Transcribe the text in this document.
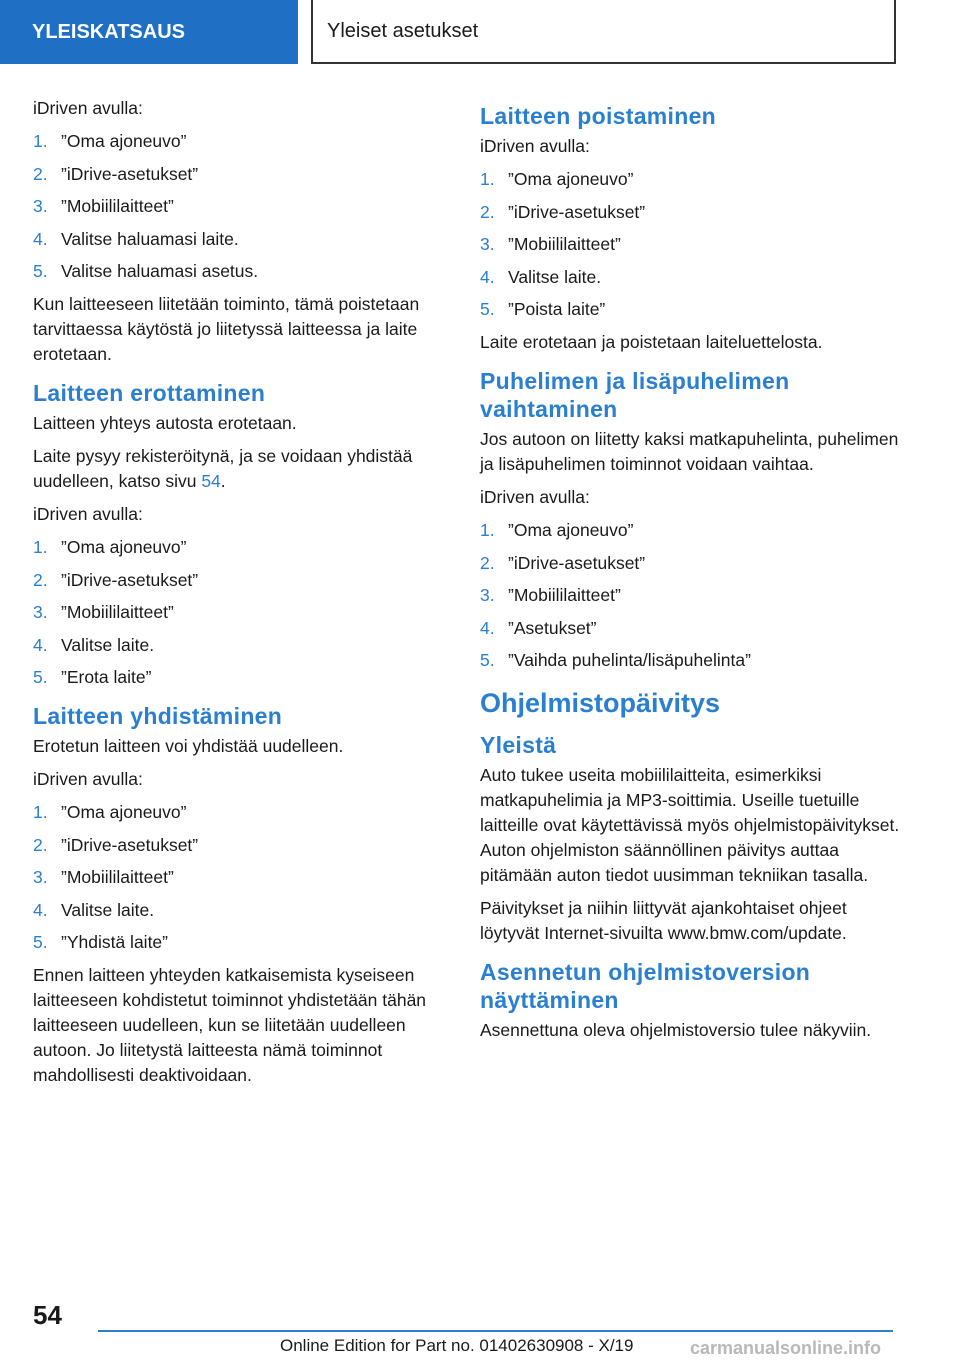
YLEISKATSAUS	Yleiset asetukset

iDriven avulla:

1. ”Oma ajoneuvo”
2. ”iDrive-asetukset”
3. ”Mobiililaitteet”
4. Valitse haluamasi laite.
5. Valitse haluamasi asetus.

Kun laitteeseen liitetään toiminto, tämä poistetaan tarvittaessa käytöstä jo liitetyssä laitteessa ja laite erotetaan.

Laitteen erottaminen

Laitteen yhteys autosta erotetaan.

Laite pysyy rekisteröitynä, ja se voidaan yhdistää uudelleen, katso sivu 54.

iDriven avulla:

1. ”Oma ajoneuvo”
2. ”iDrive-asetukset”
3. ”Mobiililaitteet”
4. Valitse laite.
5. ”Erota laite”
Laitteen yhdistäminen

Erotetun laitteen voi yhdistää uudelleen.

iDriven avulla:

1. ”Oma ajoneuvo”
2. ”iDrive-asetukset”
3. ”Mobiililaitteet”
4. Valitse laite.
5. ”Yhdistä laite”

Ennen laitteen yhteyden katkaisemista kyseiseen laitteeseen kohdistetut toiminnot yhdistetään tähän laitteeseen uudelleen, kun se liitetään uudelleen autoon. Jo liitetystä laitteesta nämä toiminnot mahdollisesti deaktivoidaan.

Laitteen poistaminen

iDriven avulla:

1. ”Oma ajoneuvo”
2. ”iDrive-asetukset”
3. ”Mobiililaitteet”
4. Valitse laite.
5. ”Poista laite”

Laite erotetaan ja poistetaan laiteluettelosta.

Puhelimen ja lisäpuhelimen vaihtaminen

Jos autoon on liitetty kaksi matkapuhelinta, puhelimen ja lisäpuhelimen toiminnot voidaan vaihtaa.

iDriven avulla:

1. ”Oma ajoneuvo”
2. ”iDrive-asetukset”
3. ”Mobiililaitteet”
4. ”Asetukset”
5. ”Vaihda puhelinta/lisäpuhelinta”
Ohjelmistopäivitys
Yleistä

Auto tukee useita mobiililaitteita, esimerkiksi matkapuhelimia ja MP3-soittimia. Useille tuetuille laitteille ovat käytettävissä myös ohjelmistopäivitykset. Auton ohjelmiston säännöllinen päivitys auttaa pitämään auton tiedot uusimman tekniikan tasalla.

Päivitykset ja niihin liittyvät ajankohtaiset ohjeet löytyvät Internet-sivuilta www.bmw.com/update.

Asennetun ohjelmistoversion näyttäminen

Asennettuna oleva ohjelmistoversio tulee näkyviin.

54
Online Edition for Part no. 01402630908 - X/19	carmanualsonline.info
